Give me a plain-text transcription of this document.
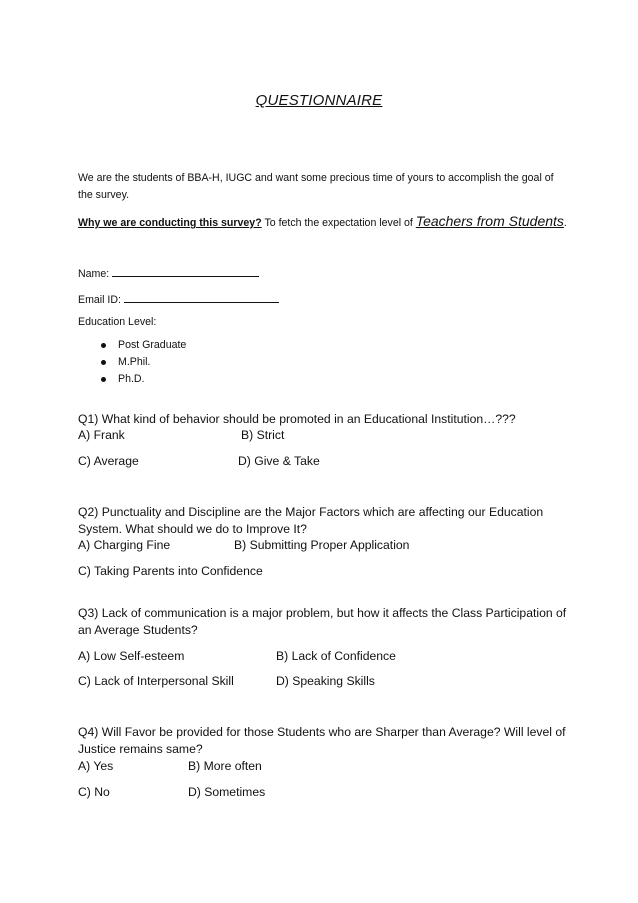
QUESTIONNAIRE
We are the students of BBA-H, IUGC and want some precious time of yours to accomplish the goal of the survey.
Why we are conducting this survey? To fetch the expectation level of Teachers from Students.
Name:
Email ID:
Education Level:
Post Graduate
M.Phil.
Ph.D.
Q1) What kind of behavior should be promoted in an Educational Institution…???
A) Frank	B) Strict
C) Average	D) Give & Take
Q2) Punctuality and Discipline are the Major Factors which are affecting our Education
System. What should we do to Improve It?
A) Charging Fine	B) Submitting Proper Application
C) Taking Parents into Confidence
Q3) Lack of communication is a major problem, but how it affects the Class Participation of
an Average Students?
A) Low Self-esteem	B) Lack of Confidence
C) Lack of Interpersonal Skill	D) Speaking Skills
Q4) Will Favor be provided for those Students who are Sharper than Average? Will level of
Justice remains same?
A) Yes	B) More often
C) No	D) Sometimes
